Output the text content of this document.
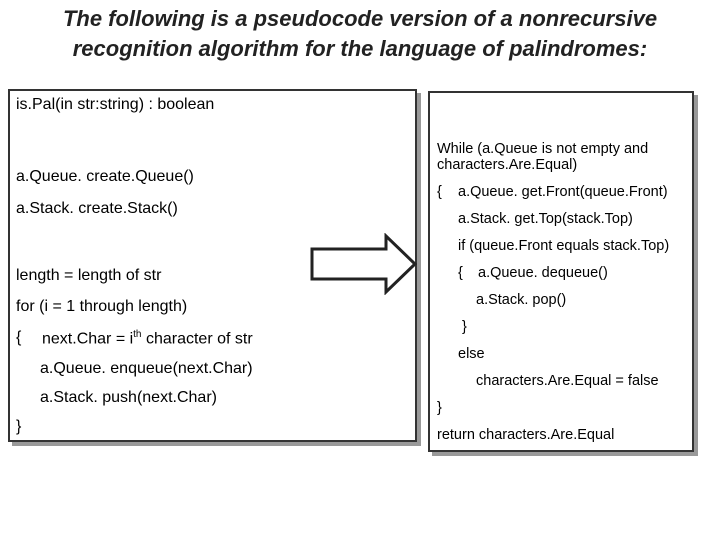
The following is a pseudocode version of a nonrecursive
recognition algorithm for the language of palindromes:
is.Pal(in str:string) : boolean
a.Queue. create.Queue()
a.Stack. create.Stack()
length = length of str
for (i = 1 through length)
{ next.Char = $i^{th}$ character of str
a.Queue. enqueue(next.Char)
a.Stack. push(next.Char)
}
While (a.Queue is not empty and
characters.Are.Equal)
{ a.Queue. get.Front(queue.Front)
a.Stack. get.Top(stack.Top)
if (queue.Front equals stack.Top)
{ a.Queue. dequeue()
a.Stack. pop()
}
else
characters.Are.Equal = false
}
return characters.Are.Equal
